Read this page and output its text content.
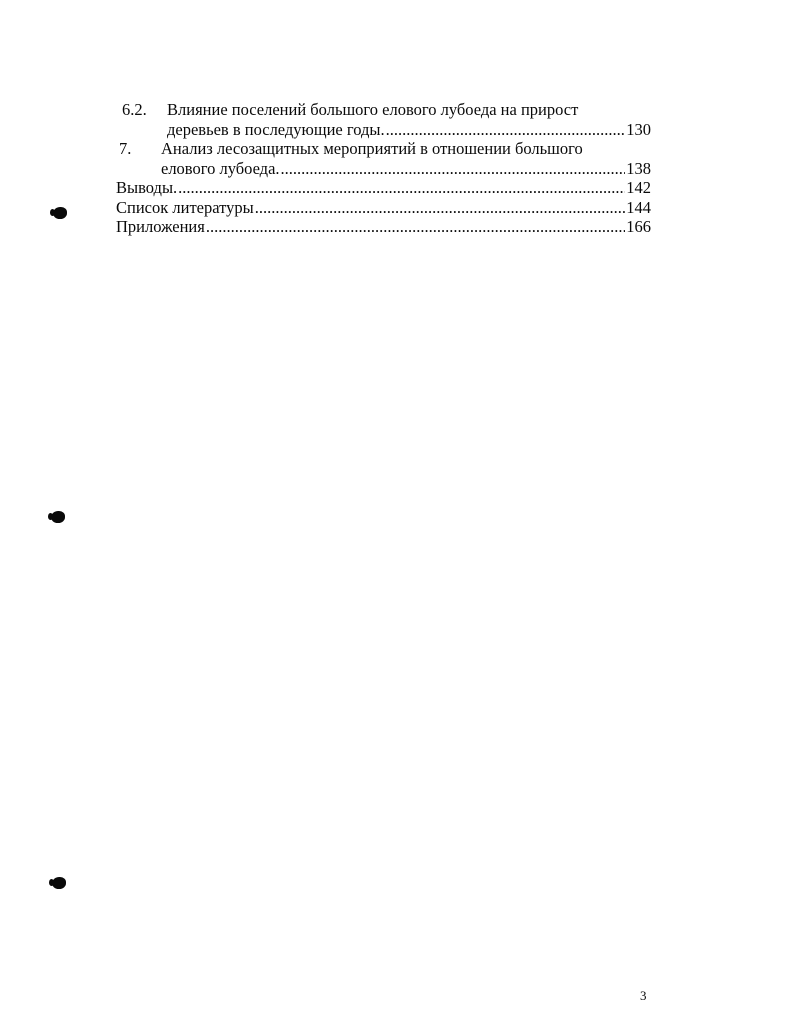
6.2.	Влияние поселений большого елового лубоеда на прирост
деревьев в последующие годы. .....	130
7.	Анализ лесозащитных мероприятий в отношении большого
елового лубоеда. .....	138
Выводы. .....	142
Список литературы .....	144
Приложения .....	166
3
